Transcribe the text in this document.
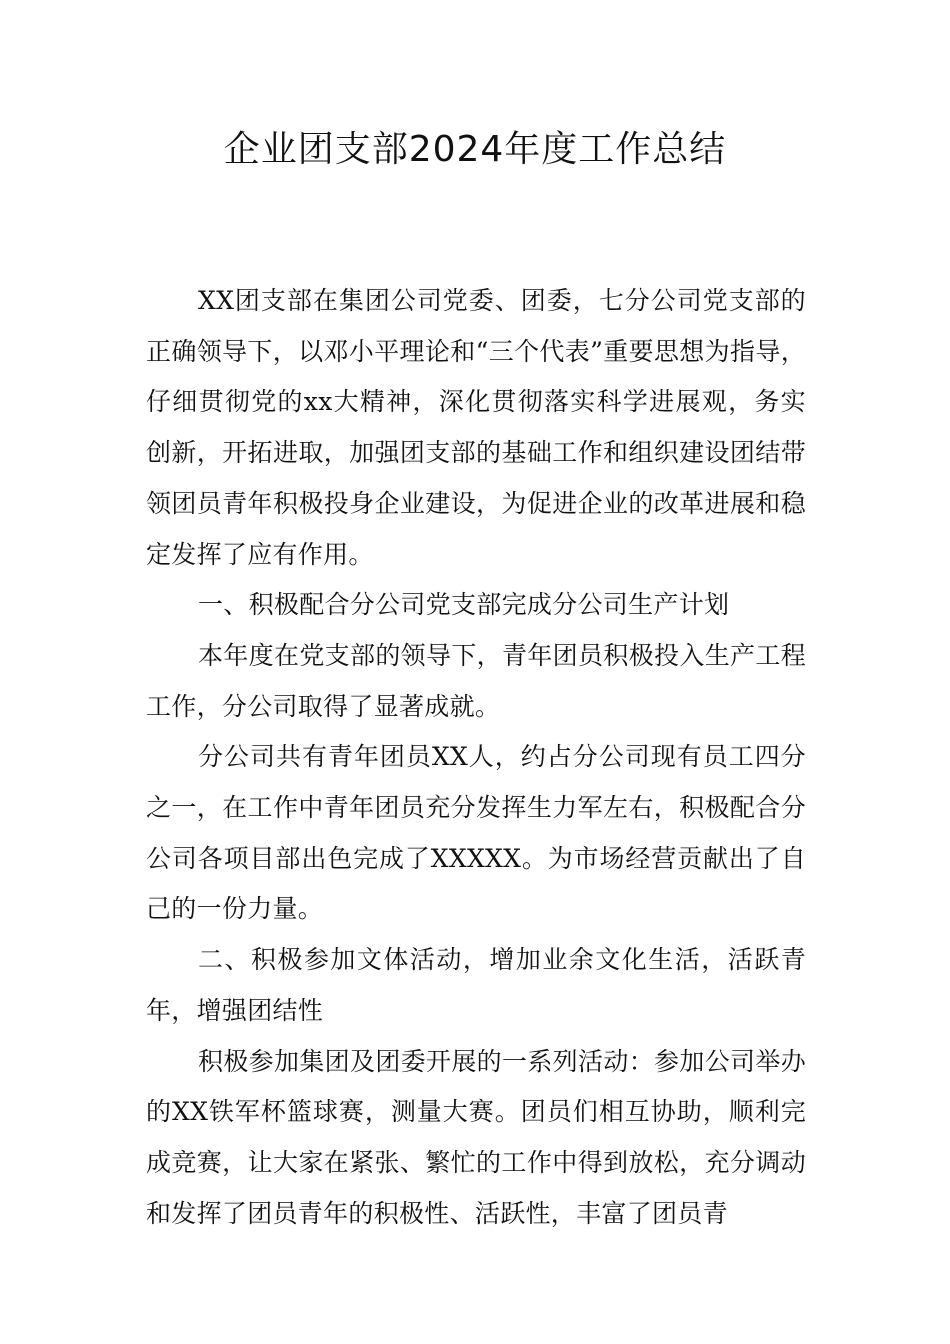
企业团支部2024年度工作总结

XX团支部在集团公司党委、团委，七分公司党支部的正确领导下，以邓小平理论和“三个代表”重要思想为指导，仔细贯彻党的xx大精神，深化贯彻落实科学进展观，务实创新，开拓进取，加强团支部的基础工作和组织建设团结带领团员青年积极投身企业建设，为促进企业的改革进展和稳定发挥了应有作用。

一、积极配合分公司党支部完成分公司生产计划

本年度在党支部的领导下，青年团员积极投入生产工程工作，分公司取得了显著成就。

分公司共有青年团员XX人，约占分公司现有员工四分之一，在工作中青年团员充分发挥生力军左右，积极配合分公司各项目部出色完成了XXXXX。为市场经营贡献出了自己的一份力量。

二、积极参加文体活动，增加业余文化生活，活跃青年，增强团结性

积极参加集团及团委开展的一系列活动：参加公司举办的XX铁军杯篮球赛，测量大赛。团员们相互协助，顺利完成竞赛，让大家在紧张、繁忙的工作中得到放松，充分调动和发挥了团员青年的积极性、活跃性，丰富了团员青
